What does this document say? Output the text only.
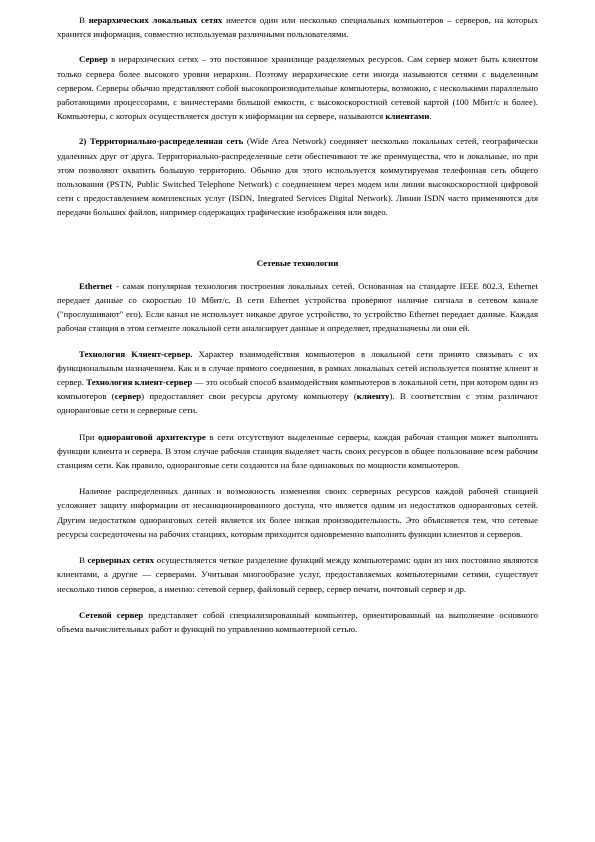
В иерархических локальных сетях имеется один или несколько специальных компьютеров – серверов, на которых хранится информация, совместно используемая различными пользователями.

Сервер в иерархических сетях – это постоянное хранилище разделяемых ресурсов. Сам сервер может быть клиентом только сервера более высокого уровня иерархии. Поэтому иерархические сети иногда называются сетями с выделенным сервером. Серверы обычно представляют собой высокопроизводительные компьютеры, возможно, с несколькими параллельно работающими процессорами, с винчестерами большой емкости, с высокоскоростной сетевой картой (100 Мбит/с и более). Компьютеры, с которых осуществляется доступ к информации на сервере, называются клиентами.

2) Территориально-распределенная сеть (Wide Area Network) соединяет несколько локальных сетей, географически удаленных друг от друга. Территориально-распределенные сети обеспечивают те же преимущества, что и локальные, но при этом позволяют охватить большую территорию. Обычно для этого используется коммутируемая телефонная сеть общего пользования (PSTN, Public Switched Telephone Network) с соединением через модем или линии высокоскоростной цифровой сети с предоставлением комплексных услуг (ISDN, Integrated Services Digital Network). Линии ISDN часто применяются для передачи больших файлов, например содержащих графические изображения или видео.

Сетевые технологии

Ethernet - самая популярная технология построения локальных сетей. Основанная на стандарте IEEE 802.3, Ethernet передает данные со скоростью 10 Мбит/с. В сети Ethernet устройства проверяют наличие сигнала в сетевом канале ("прослушивают" его). Если канал не использует никакое другое устройство, то устройство Ethernet передает данные. Каждая рабочая станция в этом сегменте локальной сети анализирует данные и определяет, предназначены ли они ей.

Технология Клиент-сервер. Характер взаимодействия компьютеров в локальной сети принято связывать с их функциональным назначением. Как и в случае прямого соединения, в рамках локальных сетей используется понятие клиент и сервер. Технология клиент-сервер — это особый способ взаимодействия компьютеров в локальной сети, при котором один из компьютеров (сервер) предоставляет свои ресурсы другому компьютеру (клиенту). В соответствии с этим различают одноранговые сети и серверные сети.

При одноранговой архитектуре в сети отсутствуют выделенные серверы, каждая рабочая станция может выполнять функции клиента и сервера. В этом случае рабочая станция выделяет часть своих ресурсов в общее пользование всем рабочим станциям сети. Как правило, одноранговые сети создаются на базе одинаковых по мощности компьютеров.

Наличие распределенных данных и возможность изменения своих серверных ресурсов каждой рабочей станцией усложняет защиту информации от несанкционированного доступа, что является одним из недостатков одноранговых сетей. Другим недостатком одноранговых сетей является их более низкая производительность. Это объясняется тем, что сетевые ресурсы сосредоточены на рабочих станциях, которым приходится одновременно выполнять функции клиентов и серверов.

В серверных сетях осуществляется четкое разделение функций между компьютерами: одни из них постоянно являются клиентами, а другие — серверами. Учитывая многообразие услуг, предоставляемых компьютерными сетями, существует несколько типов серверов, а именно: сетевой сервер, файловый сервер, сервер печати, почтовый сервер и др.

Сетевой сервер представляет собой специализированный компьютер, ориентированный на выполнение основного объема вычислительных работ и функций по управлению компьютерной сетью.
